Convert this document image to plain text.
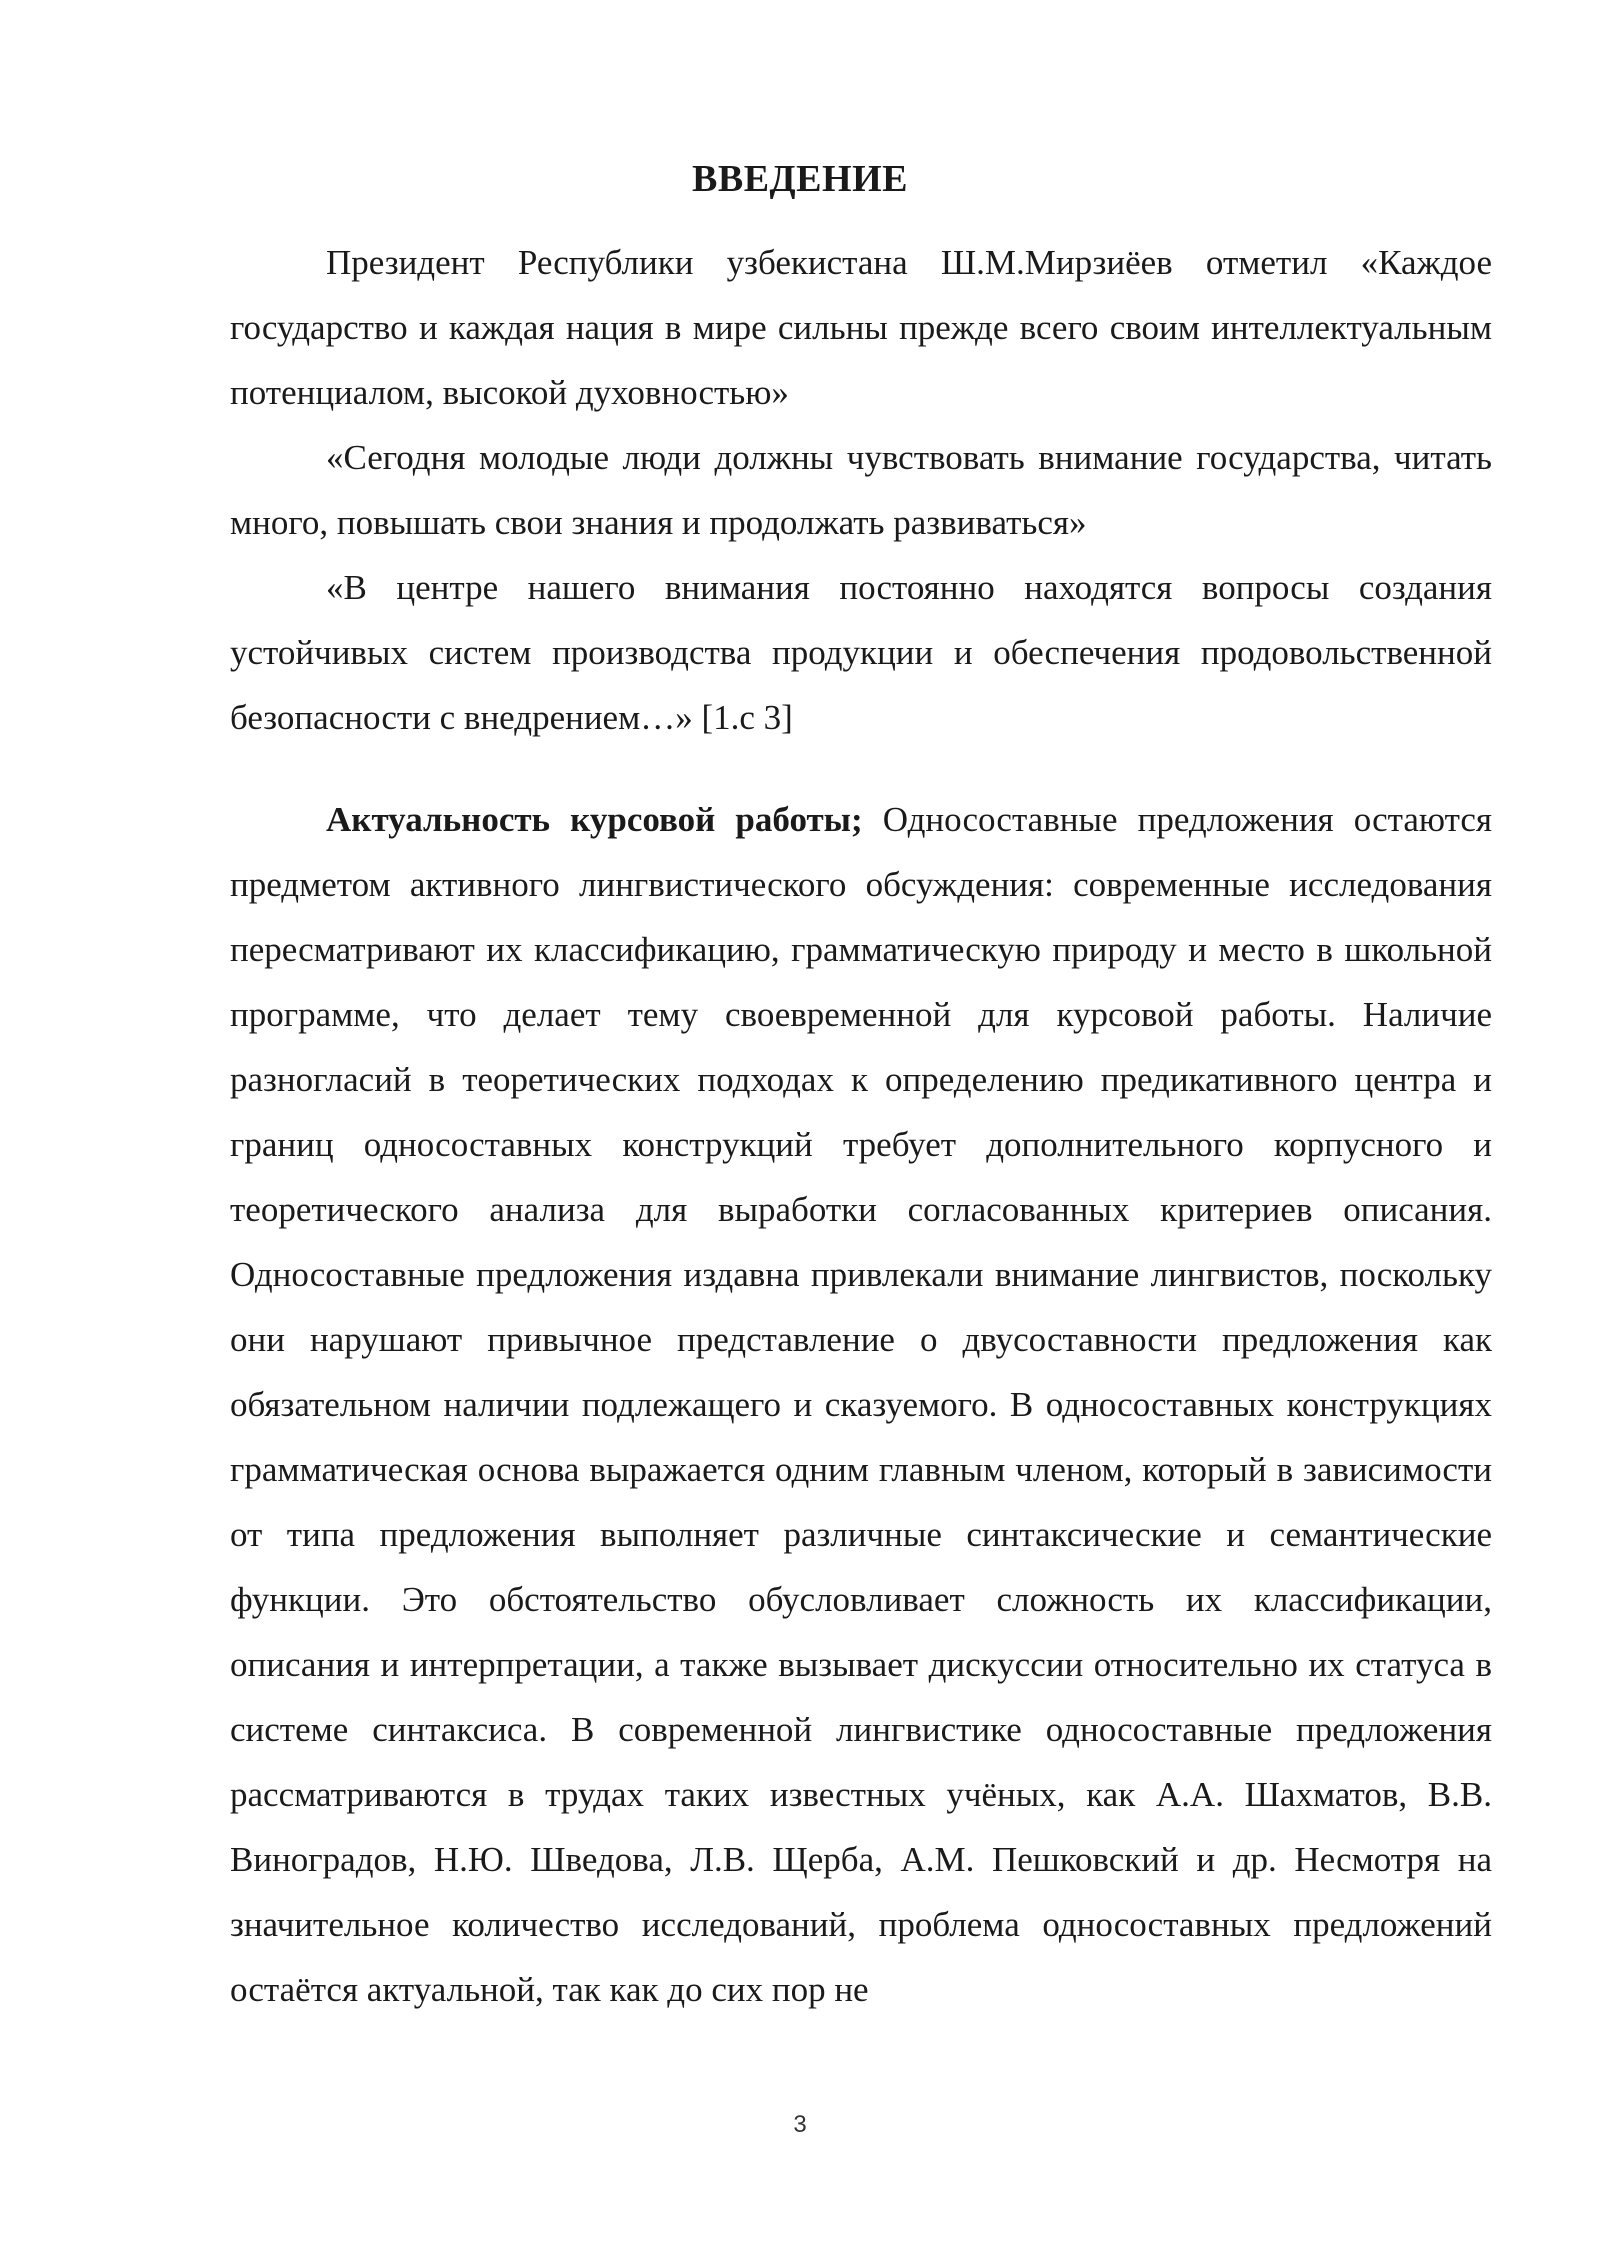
ВВЕДЕНИЕ

Президент Республики узбекистана Ш.М.Мирзиёев отметил «Каждое государство и каждая нация в мире сильны прежде всего своим интеллектуальным потенциалом, высокой духовностью»

«Сегодня молодые люди должны чувствовать внимание государства, читать много, повышать свои знания и продолжать развиваться»

«В центре нашего внимания постоянно находятся вопросы создания устойчивых систем производства продукции и обеспечения продовольственной безопасности с внедрением…» [1.с 3]

Актуальность курсовой работы; Односоставные предложения остаются предметом активного лингвистического обсуждения: современные исследования пересматривают их классификацию, грамматическую природу и место в школьной программе, что делает тему своевременной для курсовой работы. Наличие разногласий в теоретических подходах к определению предикативного центра и границ односоставных конструкций требует дополнительного корпусного и теоретического анализа для выработки согласованных критериев описания. Односоставные предложения издавна привлекали внимание лингвистов, поскольку они нарушают привычное представление о двусоставности предложения как обязательном наличии подлежащего и сказуемого. В односоставных конструкциях грамматическая основа выражается одним главным членом, который в зависимости от типа предложения выполняет различные синтаксические и семантические функции. Это обстоятельство обусловливает сложность их классификации, описания и интерпретации, а также вызывает дискуссии относительно их статуса в системе синтаксиса. В современной лингвистике односоставные предложения рассматриваются в трудах таких известных учёных, как А.А. Шахматов, В.В. Виноградов, Н.Ю. Шведова, Л.В. Щерба, А.М. Пешковский и др. Несмотря на значительное количество исследований, проблема односоставных предложений остаётся актуальной, так как до сих пор не

3
